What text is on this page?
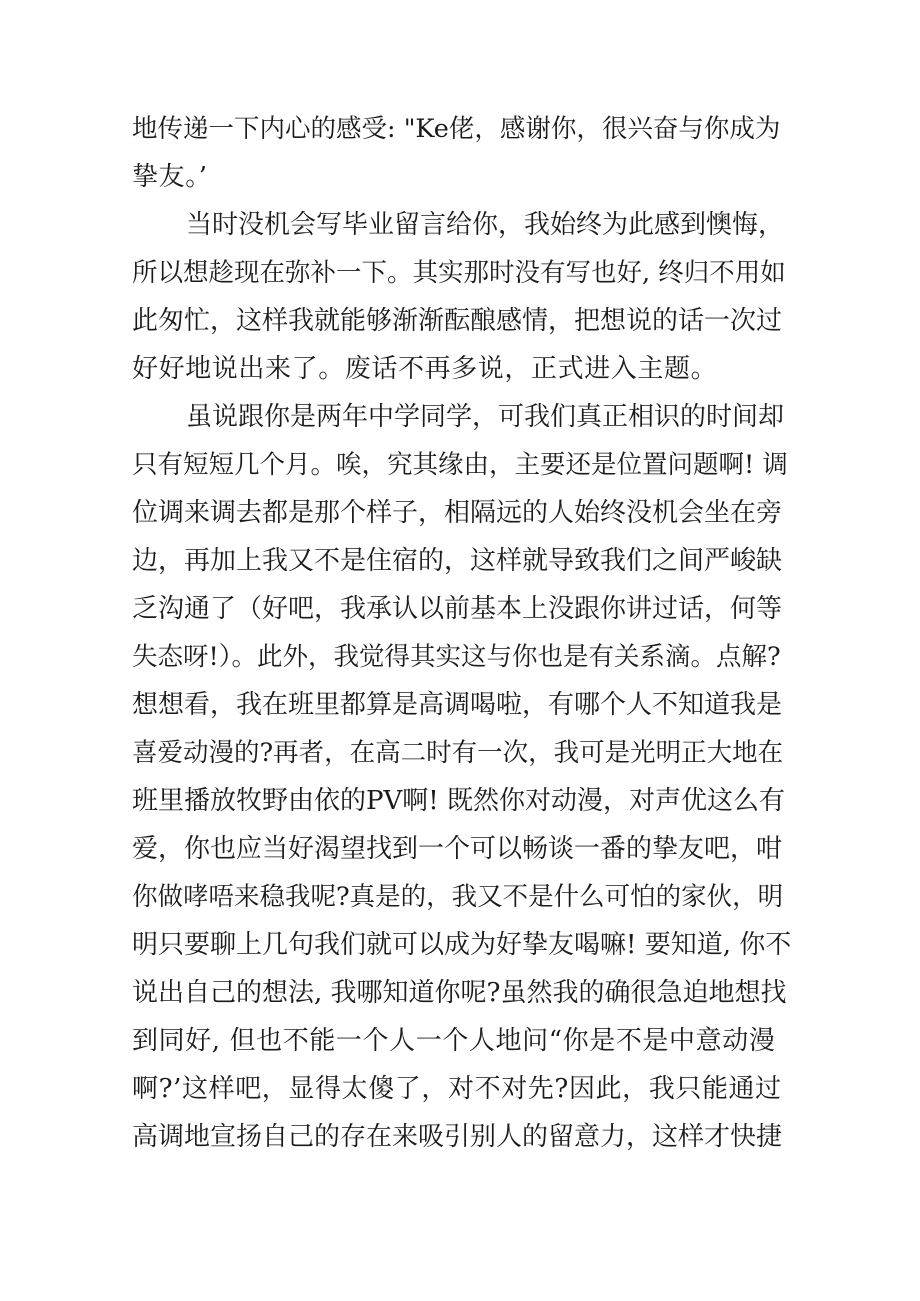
地传递一下内心的感受: "Ke佬，感谢你，很兴奋与你成为
挚友。’
当时没机会写毕业留言给你，我始终为此感到懊悔，
所以想趁现在弥补一下。其实那时没有写也好, 终归不用如
此匆忙，这样我就能够渐渐酝酿感情，把想说的话一次过
好好地说出来了。废话不再多说，正式进入主题。
虽说跟你是两年中学同学，可我们真正相识的时间却
只有短短几个月。唉，究其缘由，主要还是位置问题啊! 调
位调来调去都是那个样子，相隔远的人始终没机会坐在旁
边，再加上我又不是住宿的，这样就导致我们之间严峻缺
乏沟通了（好吧，我承认以前基本上没跟你讲过话，何等
失态呀!）。此外，我觉得其实这与你也是有关系滴。点解?
想想看，我在班里都算是高调喝啦，有哪个人不知道我是
喜爱动漫的?再者，在高二时有一次，我可是光明正大地在
班里播放牧野由依的PV啊! 既然你对动漫，对声优这么有
爱，你也应当好渴望找到一个可以畅谈一番的挚友吧，咁
你做哮唔来稳我呢?真是的，我又不是什么可怕的家伙，明
明只要聊上几句我们就可以成为好挚友喝嘛! 要知道, 你不
说出自己的想法, 我哪知道你呢?虽然我的确很急迫地想找
到同好, 但也不能一个人一个人地问“你是不是中意动漫
啊?’这样吧，显得太傻了，对不对先?因此，我只能通过
高调地宣扬自己的存在来吸引别人的留意力，这样才快捷
